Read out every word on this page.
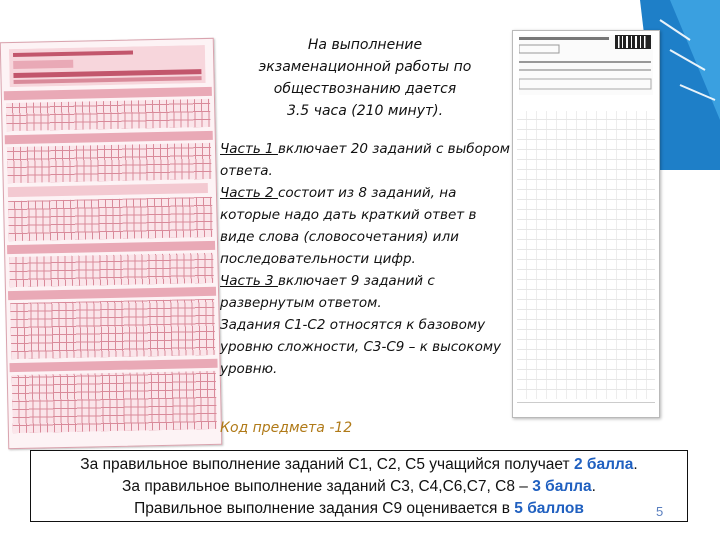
На выполнение
экзаменационной работы по
обществознанию дается
3.5 часа (210 минут).

Часть 1 включает 20 заданий с выбором ответа.

Часть 2 состоит из 8 заданий, на которые надо дать краткий ответ в виде слова (словосочетания) или последовательности цифр.

Часть 3 включает 9 заданий с развернутым ответом.

Задания С1-С2 относятся к базовому уровню сложности, С3-С9 – к высокому уровню.

Код предмета -12

За правильное выполнение заданий С1, С2, С5 учащийся получает 2 балла.

За правильное выполнение заданий С3, С4,С6,С7, С8 – 3 балла.

Правильное выполнение задания С9 оценивается в 5 баллов	5
